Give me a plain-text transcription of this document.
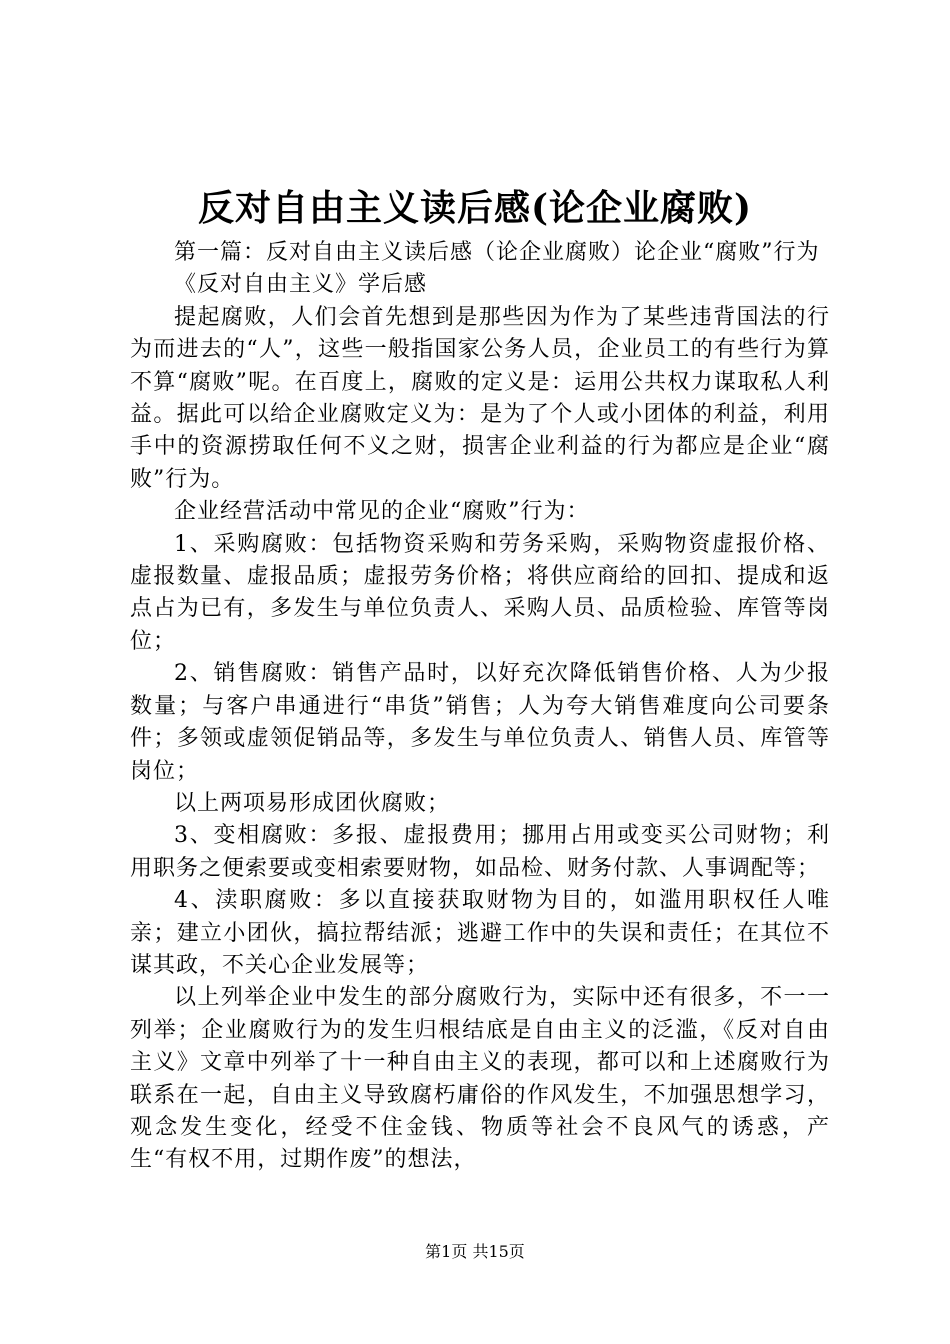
反对自由主义读后感(论企业腐败)

第一篇：反对自由主义读后感（论企业腐败）论企业“腐败”行为

《反对自由主义》学后感

提起腐败，人们会首先想到是那些因为作为了某些违背国法的行为而进去的“人”，这些一般指国家公务人员，企业员工的有些行为算不算“腐败”呢。在百度上，腐败的定义是：运用公共权力谋取私人利益。据此可以给企业腐败定义为：是为了个人或小团体的利益，利用手中的资源捞取任何不义之财，损害企业利益的行为都应是企业“腐败”行为。

企业经营活动中常见的企业“腐败”行为：

1、采购腐败：包括物资采购和劳务采购，采购物资虚报价格、虚报数量、虚报品质；虚报劳务价格；将供应商给的回扣、提成和返点占为已有，多发生与单位负责人、采购人员、品质检验、库管等岗位；

2、销售腐败：销售产品时，以好充次降低销售价格、人为少报数量；与客户串通进行“串货”销售；人为夸大销售难度向公司要条件；多领或虚领促销品等，多发生与单位负责人、销售人员、库管等岗位；

以上两项易形成团伙腐败；

3、变相腐败：多报、虚报费用；挪用占用或变买公司财物；利用职务之便索要或变相索要财物，如品检、财务付款、人事调配等；

4、渎职腐败：多以直接获取财物为目的，如滥用职权任人唯亲；建立小团伙，搞拉帮结派；逃避工作中的失误和责任；在其位不谋其政，不关心企业发展等；

以上列举企业中发生的部分腐败行为，实际中还有很多，不一一列举；企业腐败行为的发生归根结底是自由主义的泛滥，《反对自由主义》文章中列举了十一种自由主义的表现，都可以和上述腐败行为联系在一起，自由主义导致腐朽庸俗的作风发生，不加强思想学习，观念发生变化，经受不住金钱、物质等社会不良风气的诱惑，产生“有权不用，过期作废”的想法，

第1页 共15页
